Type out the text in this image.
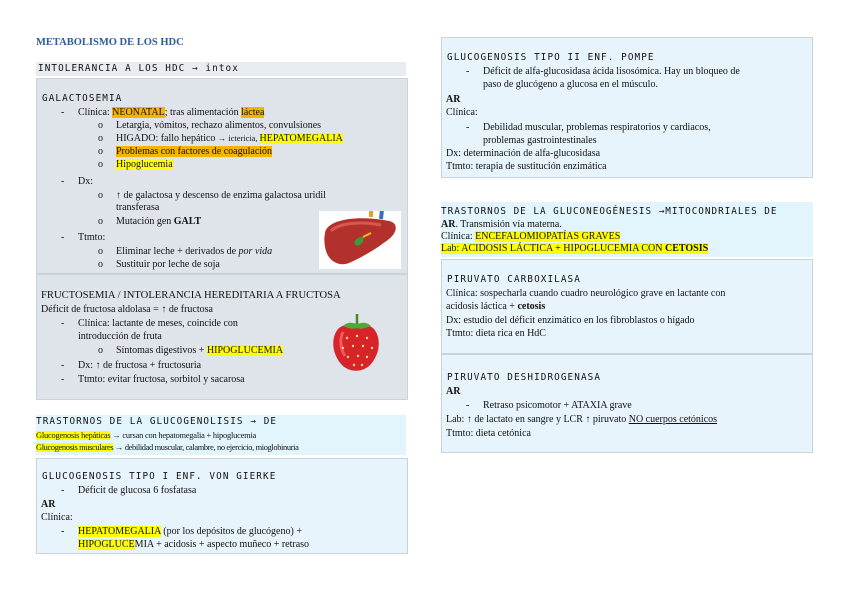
METABOLISMO DE LOS HDC
INTOLERANCIA A LOS HDC → intox
GALACTOSEMIA
- Clínica: NEONATAL; tras alimentación láctea
o Letargia, vómitos, rechazo alimentos, convulsiones
o HIGADO: fallo hepático → ictericia, HEPATOMEGALIA
o Problemas con factores de coagulación
o Hipoglucemia
- Dx:
o ↑ de galactosa y descenso de enzima galactosa uridil
transferasa
o Mutación gen GALT
- Ttmto:
o Eliminar leche + derivados de por vida
o Sustituir por leche de soja
FRUCTOSEMIA / INTOLERANCIA HEREDITARIA A FRUCTOSA
Déficit de fructosa aldolasa = ↑ de fructosa
- Clínica: lactante de meses, coincide con
introducción de fruta
o Síntomas digestivos + HIPOGLUCEMIA
- Dx: ↑ de fructosa + fructosuria
- Ttmto: evitar fructosa, sorbitol y sacarosa
TRASTORNOS DE LA GLUCOGENOLISIS → DE
Glucogenosis hepáticas → cursan con hepatomegalia + hipoglucemia
Glucogenosis musculares → debilidad muscular, calambre, no ejercicio, mioglobinuria
GLUCOGENOSIS TIPO I ENF. VON GIERKE
- Déficit de glucosa 6 fosfatasa
AR
Clínica:
- HEPATOMEGALIA (por los depósitos de glucógeno) +
HIPOGLUCEMIA + acidosis + aspecto muñeco + retraso
GLUCOGENOSIS TIPO II ENF. POMPE
- Déficit de alfa-glucosidasa ácida lisosómica. Hay un bloqueo de
paso de glucógeno a glucosa en el músculo.
AR
Clínica:
- Debilidad muscular, problemas respiratorios y cardiacos,
problemas gastrointestinales
Dx: determinación de alfa-glucosidasa
Ttmto: terapia de sustitución enzimática
TRASTORNOS DE LA GLUCONEOGÉNESIS →MITOCONDRIALES DE
AR. Transmisión vía materna.
Clínica: ENCEFALOMIOPATÍAS GRAVES
Lab: ACIDOSIS LÁCTICA + HIPOGLUCEMIA CON CETOSIS
PIRUVATO CARBOXILASA
Clínica: sospecharla cuando cuadro neurológico grave en lactante con
acidosis láctica + cetosis
Dx: estudio del déficit enzimático en los fibroblastos o hígado
Ttmto: dieta rica en HdC
PIRUVATO DESHIDROGENASA
AR
- Retraso psicomotor + ATAXIA grave
Lab: ↑ de lactato en sangre y LCR ↑ piruvato NO cuerpos cetónicos
Ttmto: dieta cetónica
